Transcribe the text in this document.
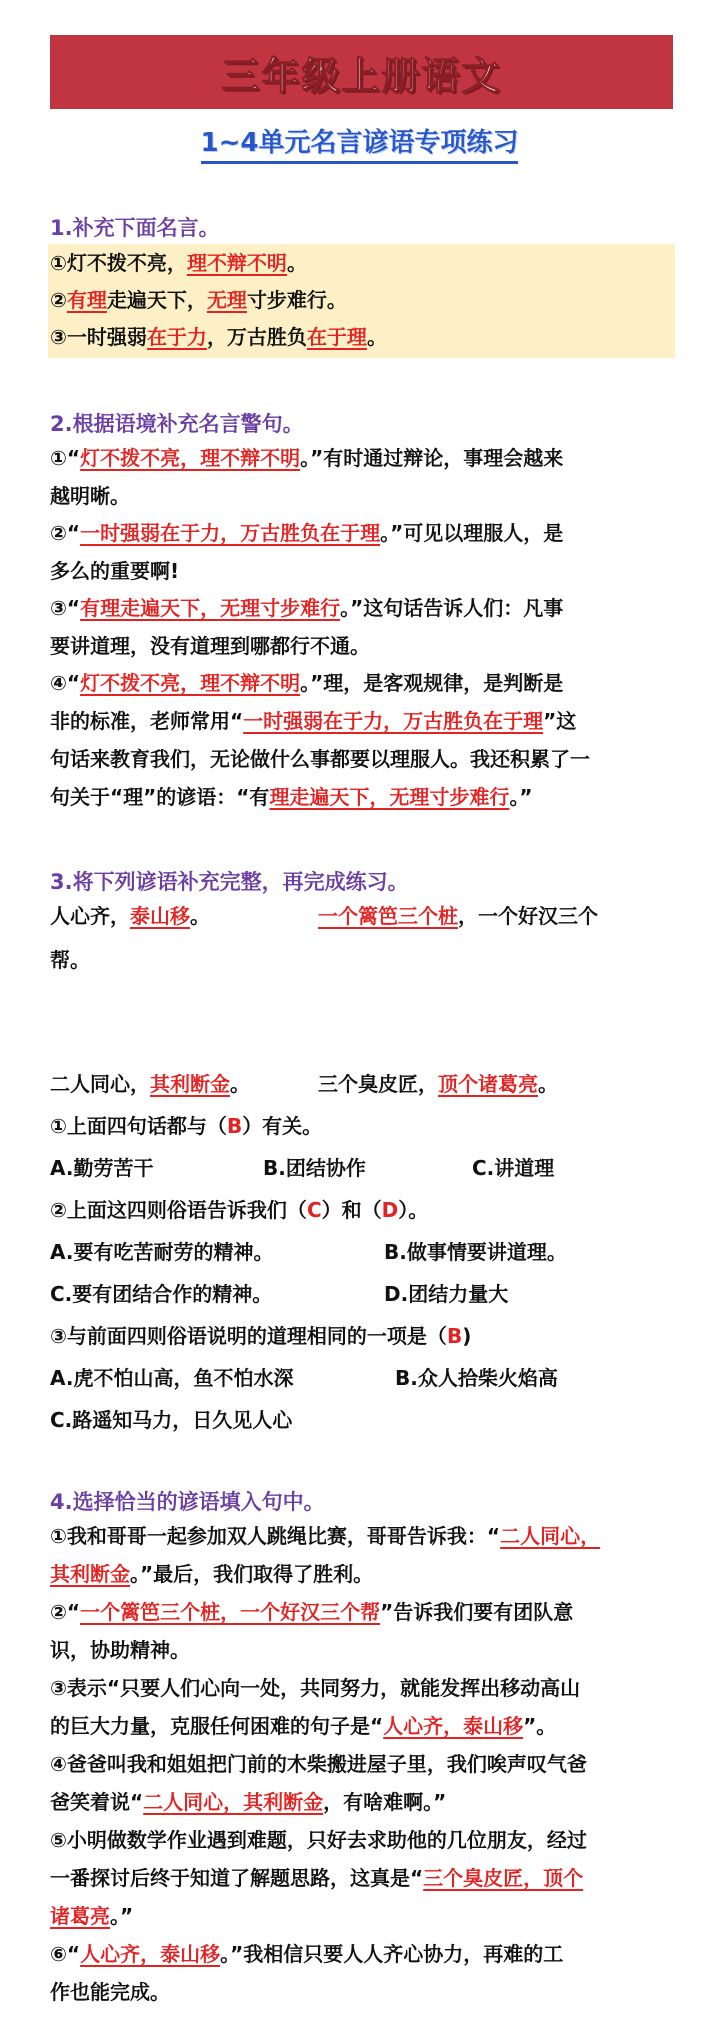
三年级上册语文
1~4单元名言谚语专项练习
1.补充下面名言。
①灯不拨不亮，理不辩不明。
②有理走遍天下，无理寸步难行。
③一时强弱在于力，万古胜负在于理。
2.根据语境补充名言警句。
①“灯不拨不亮，理不辩不明。”有时通过辩论，事理会越来
越明晰。
②“一时强弱在于力，万古胜负在于理。”可见以理服人，是
多么的重要啊!
③“有理走遍天下，无理寸步难行。”这句话告诉人们：凡事
要讲道理，没有道理到哪都行不通。
④“灯不拨不亮，理不辩不明。”理，是客观规律，是判断是
非的标准，老师常用“一时强弱在于力，万古胜负在于理”这
句话来教育我们，无论做什么事都要以理服人。我还积累了一
句关于“理”的谚语：“有理走遍天下，无理寸步难行。”
3.将下列谚语补充完整，再完成练习。
人心齐，泰山移。	一个篱笆三个桩，一个好汉三个
帮。
二人同心，其利断金。	三个臭皮匠，顶个诸葛亮。
①上面四句话都与（B）有关。
A.勤劳苦干	B.团结协作	C.讲道理
②上面这四则俗语告诉我们（C）和（D）。
A.要有吃苦耐劳的精神。	B.做事情要讲道理。
C.要有团结合作的精神。	D.团结力量大
③与前面四则俗语说明的道理相同的一项是（B)
A.虎不怕山高，鱼不怕水深	B.众人拾柴火焰高
C.路遥知马力，日久见人心
4.选择恰当的谚语填入句中。
①我和哥哥一起参加双人跳绳比赛，哥哥告诉我：“二人同心，
其利断金。”最后，我们取得了胜利。
②“一个篱笆三个桩，一个好汉三个帮”告诉我们要有团队意
识，协助精神。
③表示“只要人们心向一处，共同努力，就能发挥出移动高山
的巨大力量，克服任何困难的句子是“人心齐，泰山移”。
④爸爸叫我和姐姐把门前的木柴搬进屋子里，我们唉声叹气爸
爸笑着说“二人同心，其利断金，有啥难啊。”
⑤小明做数学作业遇到难题，只好去求助他的几位朋友，经过
一番探讨后终于知道了解题思路，这真是“三个臭皮匠，顶个
诸葛亮。”
⑥“人心齐，泰山移。”我相信只要人人齐心协力，再难的工
作也能完成。
